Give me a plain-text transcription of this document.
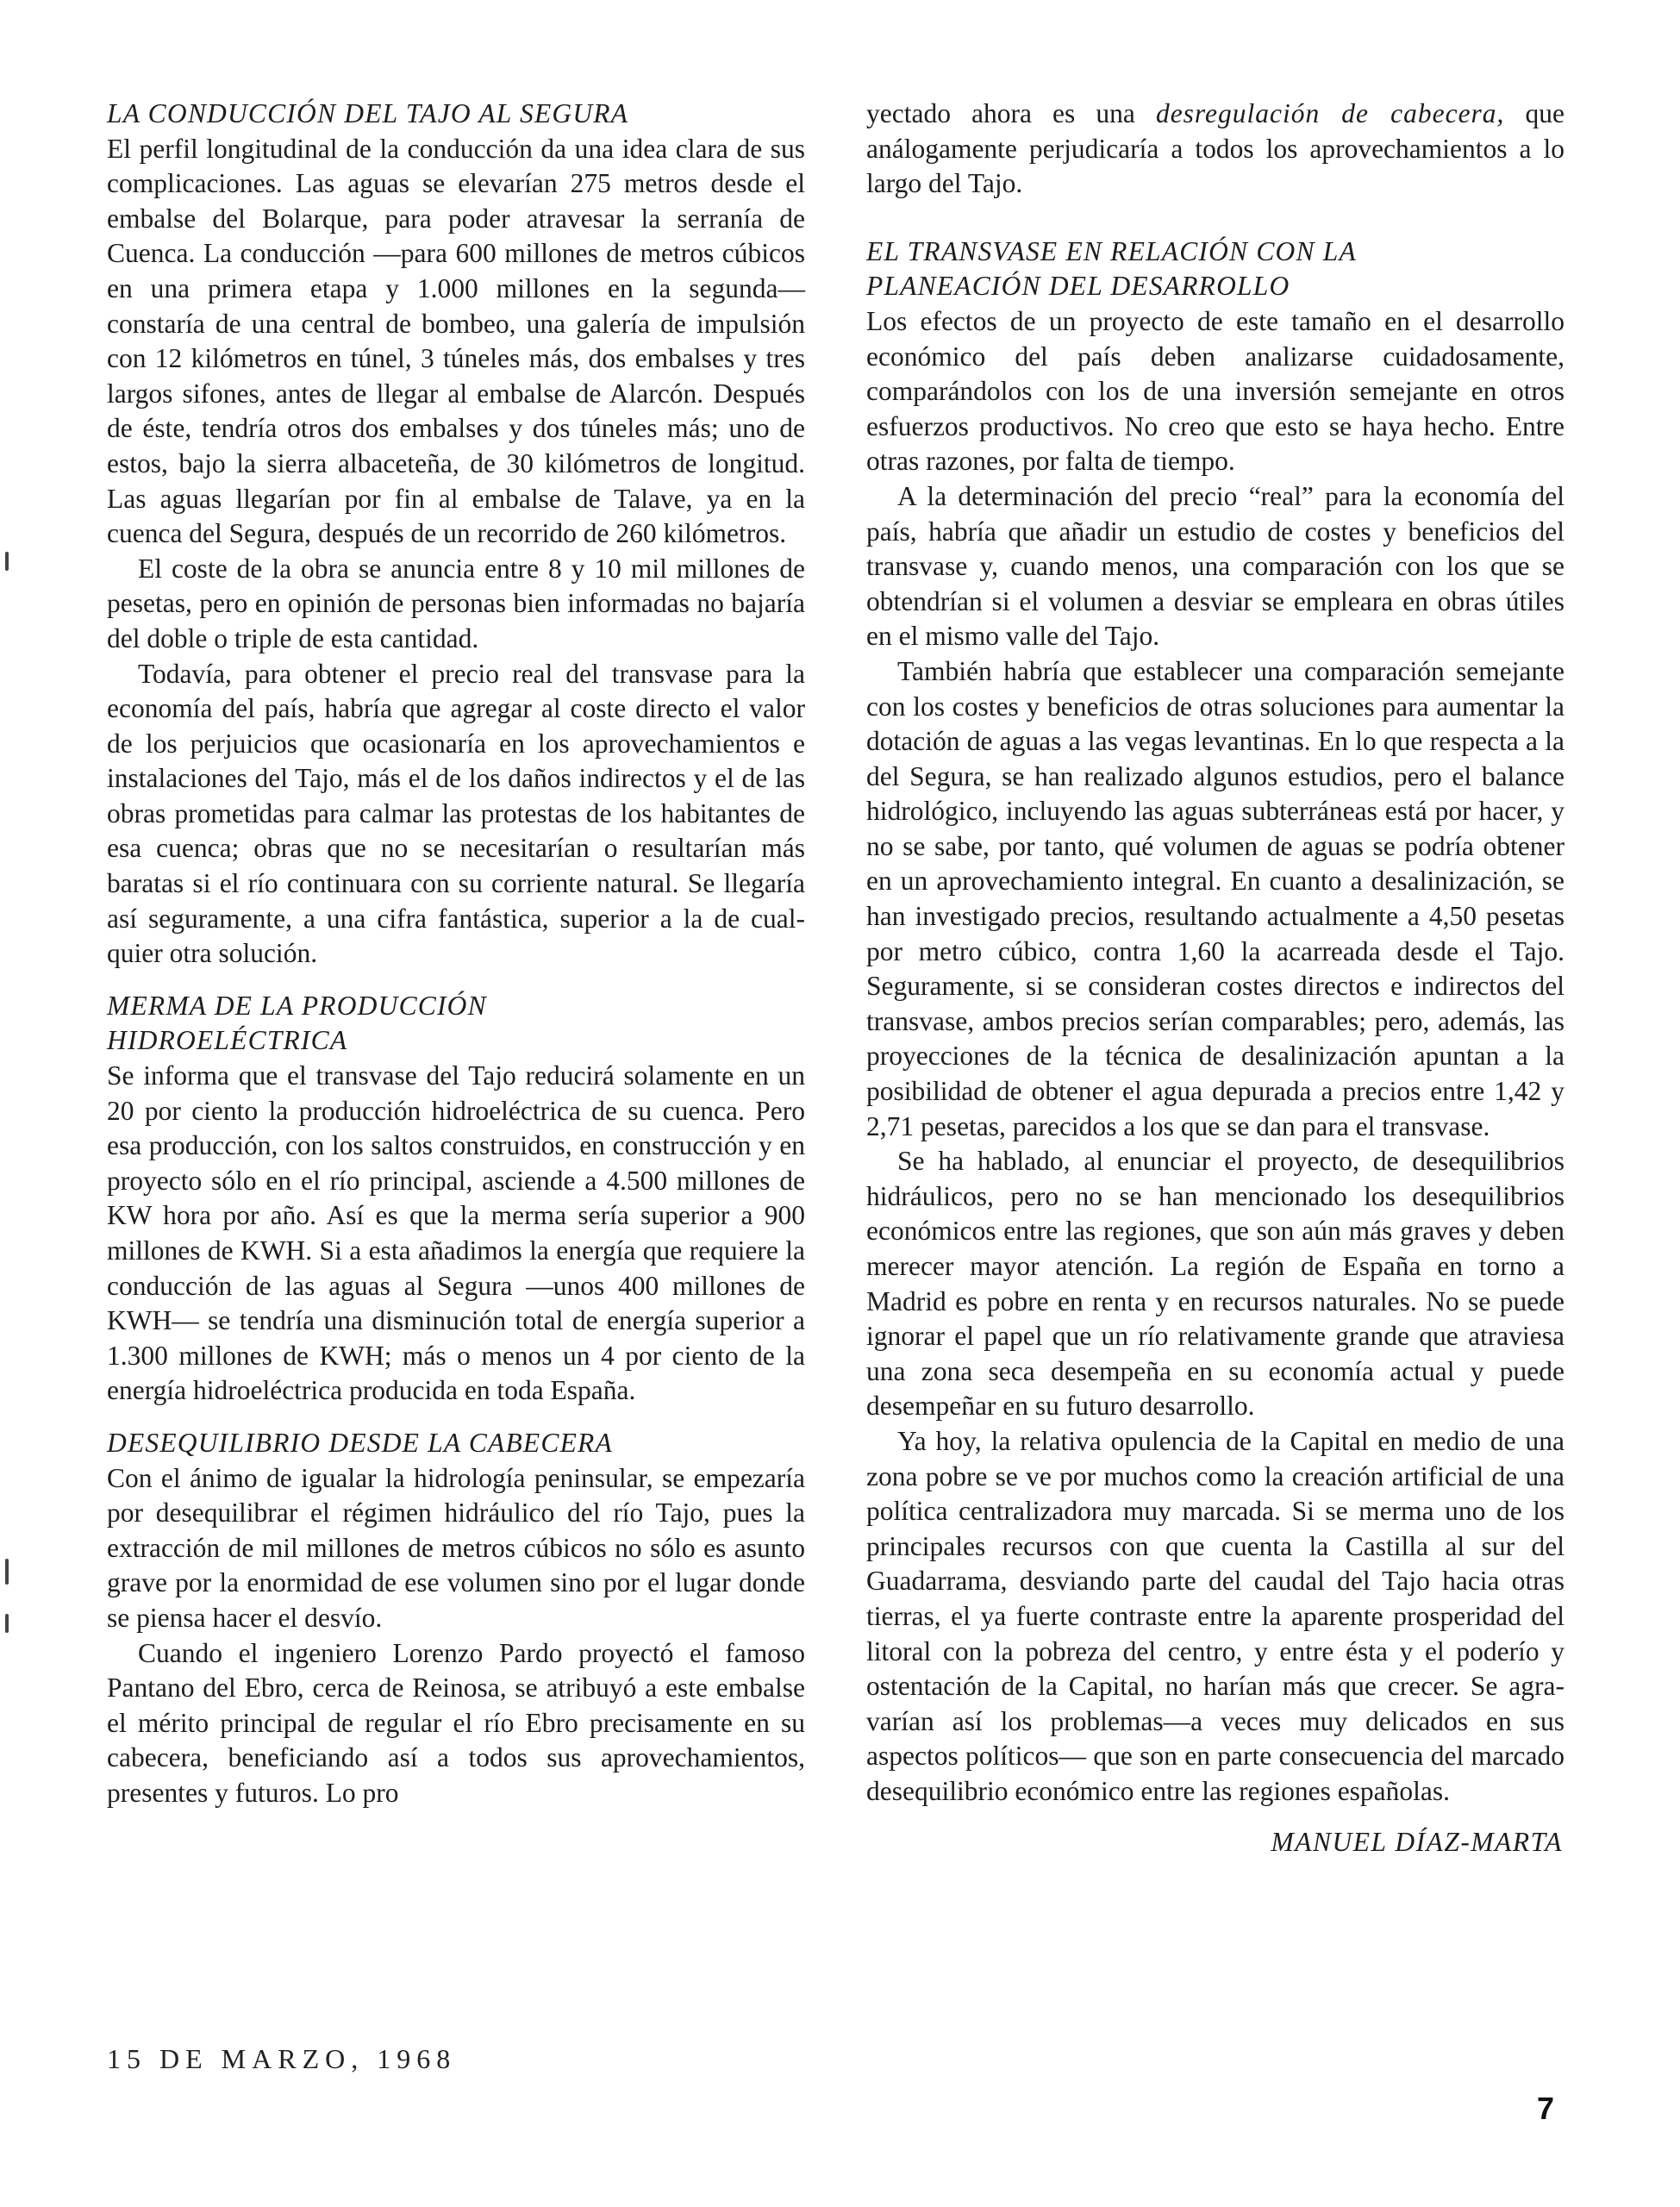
LA CONDUCCIÓN DEL TAJO AL SEGURA

El perfil longitudinal de la conducción da una idea clara de sus complicaciones. Las aguas se elevarían 275 metros desde el embalse del Bolarque, para poder atravesar la serranía de Cuenca. La conducción —para 600 millones de metros cúbicos en una primera etapa y 1.000 millones en la segunda— constaría de una central de bombeo, una galería de impulsión con 12 kilómetros en túnel, 3 túneles más, dos embalses y tres largos sifones, antes de llegar al embalse de Alarcón. Después de éste, tendría otros dos embalses y dos túneles más; uno de estos, bajo la sierra albaceteña, de 30 kilómetros de longitud. Las aguas llegarían por fin al embalse de Talave, ya en la cuenca del Segura, después de un recorrido de 260 kilómetros.

El coste de la obra se anuncia entre 8 y 10 mil millones de pesetas, pero en opinión de personas bien informadas no bajaría del doble o triple de esta cantidad.

Todavía, para obtener el precio real del transvase para la economía del país, habría que agregar al coste directo el valor de los perjuicios que ocasionaría en los aprovechamientos e instalaciones del Tajo, más el de los daños indirectos y el de las obras prometidas para calmar las protestas de los habitantes de esa cuenca; obras que no se necesitarían o resultarían más baratas si el río continuara con su corriente natural. Se llegaría así seguramente, a una cifra fantástica, superior a la de cualquier otra solución.

MERMA DE LA PRODUCCIÓN
HIDROELÉCTRICA

Se informa que el transvase del Tajo reducirá solamente en un 20 por ciento la producción hidroeléctrica de su cuenca. Pero esa producción, con los saltos construidos, en construcción y en proyecto sólo en el río principal, asciende a 4.500 millones de KW hora por año. Así es que la merma sería superior a 900 millones de KWH. Si a esta añadimos la energía que requiere la conducción de las aguas al Segura —unos 400 millones de KWH— se tendría una disminución total de energía superior a 1.300 millones de KWH; más o menos un 4 por ciento de la energía hidroeléctrica producida en toda España.

DESEQUILIBRIO DESDE LA CABECERA

Con el ánimo de igualar la hidrología peninsular, se empezaría por desequilibrar el régimen hidráulico del río Tajo, pues la extracción de mil millones de metros cúbicos no sólo es asunto grave por la enormidad de ese volumen sino por el lugar donde se piensa hacer el desvío.

Cuando el ingeniero Lorenzo Pardo proyectó el famoso Pantano del Ebro, cerca de Reinosa, se atribuyó a este embalse el mérito principal de regular el río Ebro precisamente en su cabecera, beneficiando así a todos sus aprovechamientos, presentes y futuros. Lo pro

yectado ahora es una desregulación de cabecera, que análogamente perjudicaría a todos los aprovechamientos a lo largo del Tajo.

EL TRANSVASE EN RELACIÓN CON LA
PLANEACIÓN DEL DESARROLLO

Los efectos de un proyecto de este tamaño en el desarrollo económico del país deben analizarse cuidadosamente, comparándolos con los de una inversión semejante en otros esfuerzos productivos. No creo que esto se haya hecho. Entre otras razones, por falta de tiempo.

A la determinación del precio “real” para la economía del país, habría que añadir un estudio de costes y beneficios del transvase y, cuando menos, una comparación con los que se obtendrían si el volumen a desviar se empleara en obras útiles en el mismo valle del Tajo.

También habría que establecer una comparación semejante con los costes y beneficios de otras soluciones para aumentar la dotación de aguas a las vegas levantinas. En lo que respecta a la del Segura, se han realizado algunos estudios, pero el balance hidrológico, incluyendo las aguas subterráneas está por hacer, y no se sabe, por tanto, qué volumen de aguas se podría obtener en un aprovechamiento integral. En cuanto a desalinización, se han investigado precios, resultando actualmente a 4,50 pesetas por metro cúbico, contra 1,60 la acarreada desde el Tajo. Seguramente, si se consideran costes directos e indirectos del transvase, ambos precios serían comparables; pero, además, las proyecciones de la técnica de desalinización apuntan a la posibilidad de obtener el agua depurada a precios entre 1,42 y 2,71 pesetas, parecidos a los que se dan para el transvase.

Se ha hablado, al enunciar el proyecto, de desequilibrios hidráulicos, pero no se han mencionado los desequilibrios económicos entre las regiones, que son aún más graves y deben merecer mayor atención. La región de España en torno a Madrid es pobre en renta y en recursos naturales. No se puede ignorar el papel que un río relativamente grande que atraviesa una zona seca desempeña en su economía actual y puede desempeñar en su futuro desarrollo.

Ya hoy, la relativa opulencia de la Capital en medio de una zona pobre se ve por muchos como la creación artificial de una política centralizadora muy marcada. Si se merma uno de los principales recursos con que cuenta la Castilla al sur del Guadarrama, desviando parte del caudal del Tajo hacia otras tierras, el ya fuerte contraste entre la aparente prosperidad del litoral con la pobreza del centro, y entre ésta y el poderío y ostentación de la Capital, no harían más que crecer. Se agravarían así los problemas—a veces muy delicados en sus aspectos políticos— que son en parte consecuencia del marcado desequilibrio económico entre las regiones españolas.

MANUEL DÍAZ-MARTA
15 DE MARZO, 1968
7
